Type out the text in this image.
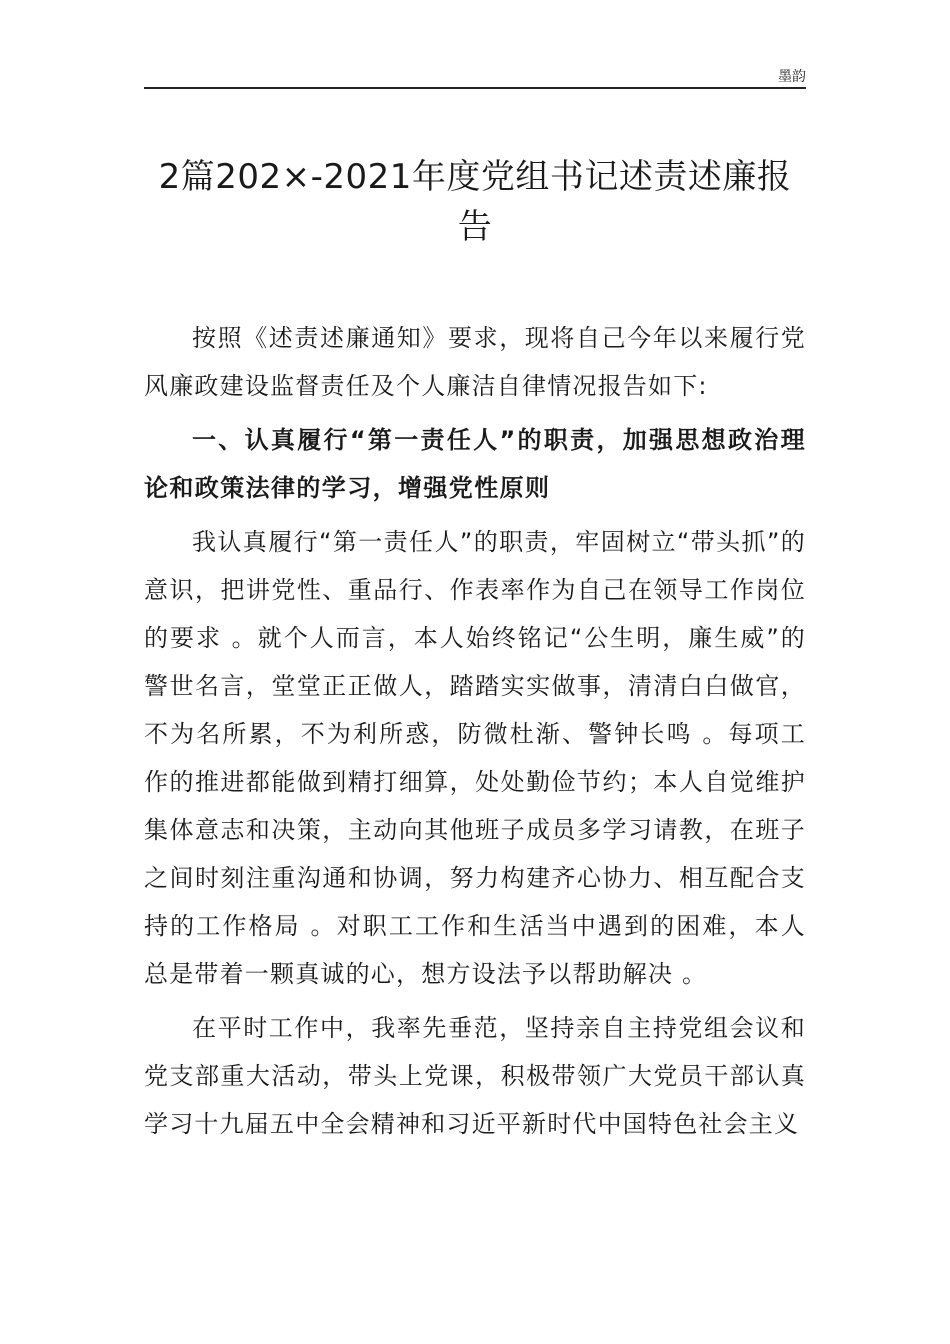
墨韵
2篇202×-2021年度党组书记述责述廉报告

按照《述责述廉通知》要求，现将自己今年以来履行党风廉政建设监督责任及个人廉洁自律情况报告如下:

一、认真履行“第一责任人”的职责，加强思想政治理论和政策法律的学习，增强党性原则

我认真履行“第一责任人”的职责，牢固树立“带头抓”的意识，把讲党性、重品行、作表率作为自己在领导工作岗位的要求 。就个人而言，本人始终铭记“公生明，廉生威”的警世名言，堂堂正正做人，踏踏实实做事，清清白白做官，不为名所累，不为利所惑，防微杜渐、警钟长鸣 。每项工作的推进都能做到精打细算，处处勤俭节约；本人自觉维护集体意志和决策，主动向其他班子成员多学习请教，在班子之间时刻注重沟通和协调，努力构建齐心协力、相互配合支持的工作格局 。对职工工作和生活当中遇到的困难，本人总是带着一颗真诚的心，想方设法予以帮助解决 。

在平时工作中，我率先垂范，坚持亲自主持党组会议和党支部重大活动，带头上党课，积极带领广大党员干部认真学习十九届五中全会精神和习近平新时代中国特色社会主义
